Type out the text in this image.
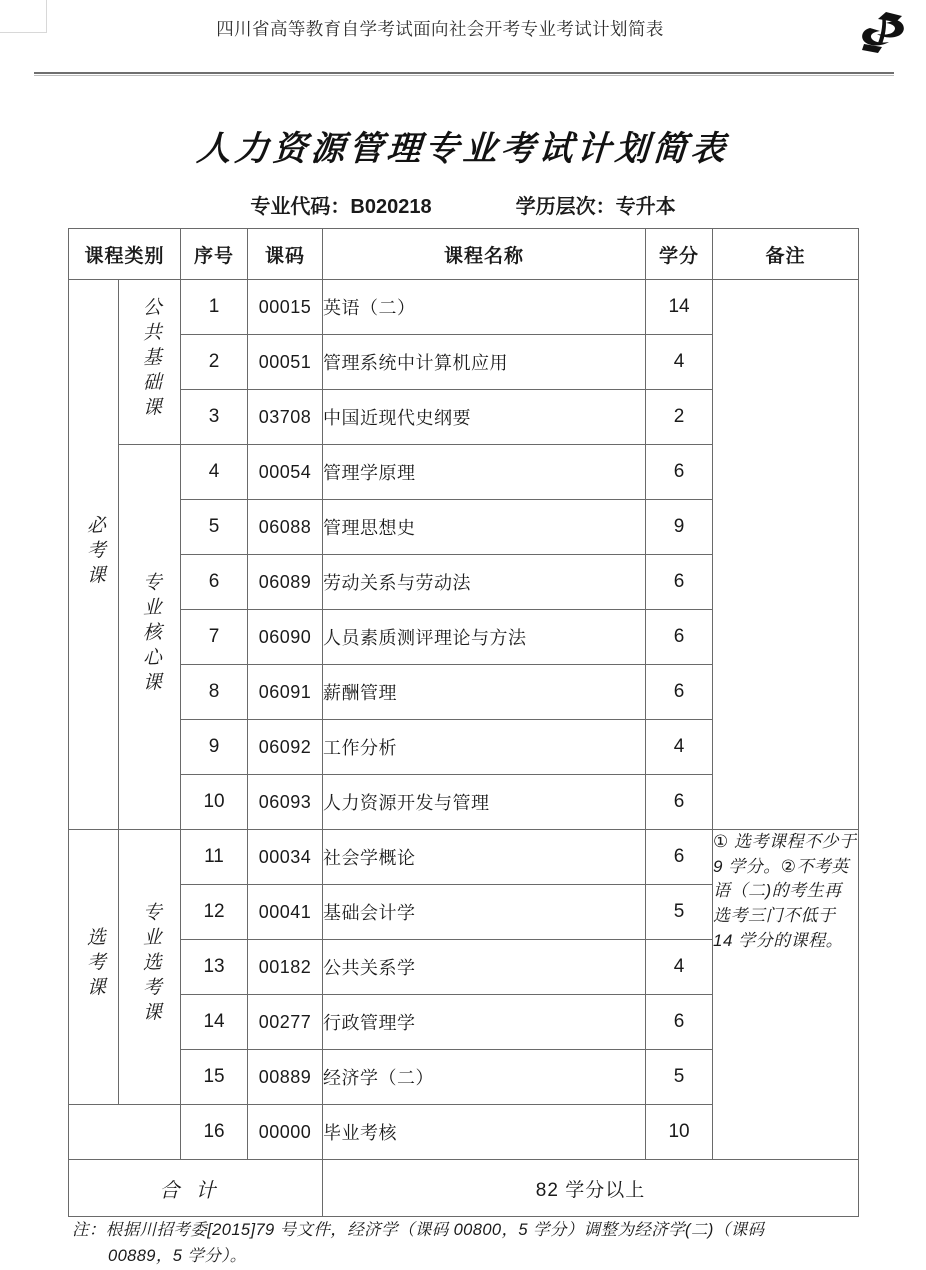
四川省高等教育自学考试面向社会开考专业考试计划简表
人力资源管理专业考试计划简表
专业代码：B020218	学历层次：专升本
课程类别		序号	课码	课程名称	学分	备注
必考课	公共基础课	1	00015	英语（二）	14	
		2	00051	管理系统中计算机应用	4	
		3	03708	中国近现代史纲要	2	
	专业核心课	4	00054	管理学原理	6	
		5	06088	管理思想史	9	
		6	06089	劳动关系与劳动法	6	
		7	06090	人员素质测评理论与方法	6	
		8	06091	薪酬管理	6	
		9	06092	工作分析	4	
		10	06093	人力资源开发与管理	6	
选考课	专业选考课	11	00034	社会学概论	6	① 选考课程不少于 9 学分。②不考英语（二)的考生再选考三门不低于 14 学分的课程。
		12	00041	基础会计学	5	
		13	00182	公共关系学	4	
		14	00277	行政管理学	6	
		15	00889	经济学（二）	5	
		16	00000	毕业考核	10	
合计				82 学分以上		
注：根据川招考委[2015]79 号文件，经济学（课码 00800，5 学分）调整为经济学(二)（课码
00889，5 学分）。
